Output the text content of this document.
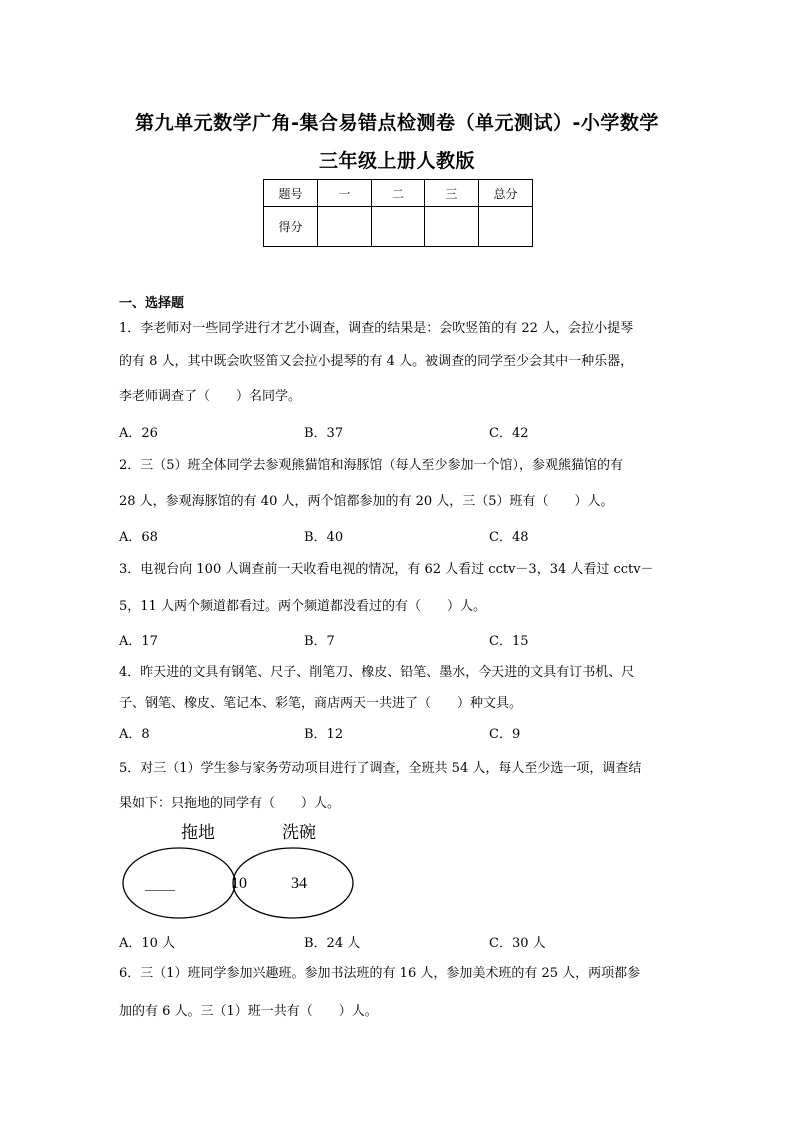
第九单元数学广角-集合易错点检测卷（单元测试）-小学数学
三年级上册人教版
题号	一	二	三	总分
得分				
一、选择题
1．李老师对一些同学进行才艺小调查，调查的结果是：会吹竖笛的有 22 人，会拉小提琴
的有 8 人，其中既会吹竖笛又会拉小提琴的有 4 人。被调查的同学至少会其中一种乐器，
李老师调查了（　　）名同学。
A．26	B．37	C．42
2．三（5）班全体同学去参观熊猫馆和海豚馆（每人至少参加一个馆），参观熊猫馆的有
28 人，参观海豚馆的有 40 人，两个馆都参加的有 20 人，三（5）班有（　　）人。
A．68	B．40	C．48
3．电视台向 100 人调查前一天收看电视的情况，有 62 人看过 cctv－3，34 人看过 cctv－
5，11 人两个频道都看过。两个频道都没看过的有（　　）人。
A．17	B．7	C．15
4．昨天进的文具有钢笔、尺子、削笔刀、橡皮、铅笔、墨水，今天进的文具有订书机、尺
子、钢笔、橡皮、笔记本、彩笔，商店两天一共进了（　　）种文具。
A．8	B．12	C．9
5．对三（1）学生参与家务劳动项目进行了调查，全班共 54 人，每人至少选一项，调查结
果如下：只拖地的同学有（　　）人。
拖地	洗碗
____	10	34
A．10 人	B．24 人	C．30 人
6．三（1）班同学参加兴趣班。参加书法班的有 16 人，参加美术班的有 25 人，两项都参
加的有 6 人。三（1）班一共有（　　）人。
